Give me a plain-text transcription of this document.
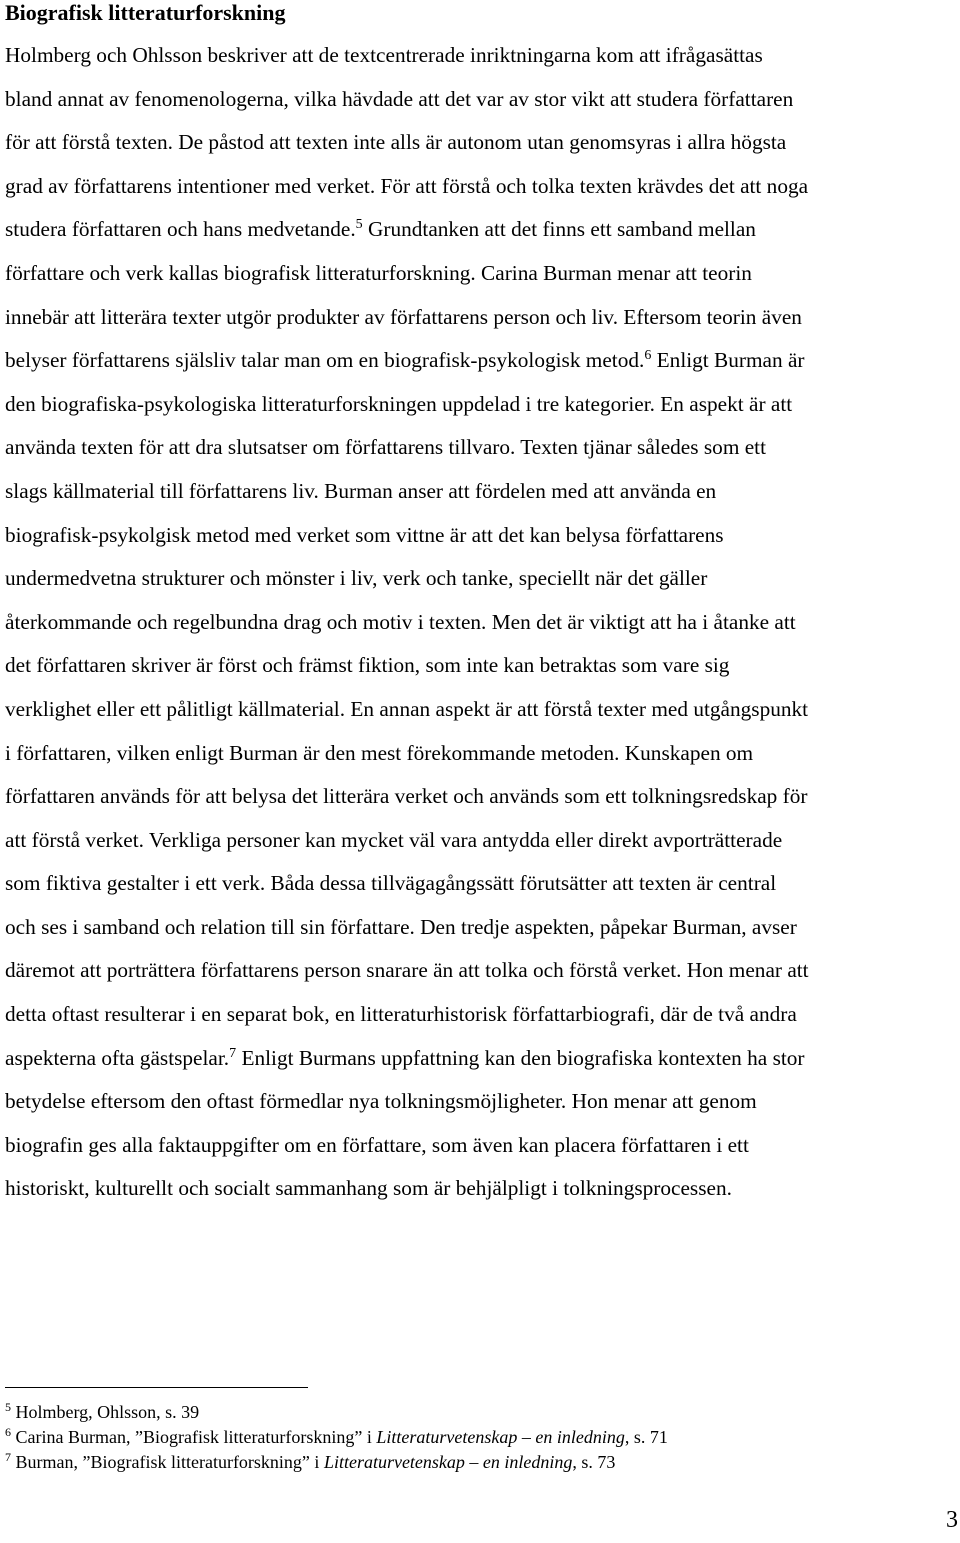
Biografisk litteraturforskning
Holmberg och Ohlsson beskriver att de textcentrerade inriktningarna kom att ifrågasättas
bland annat av fenomenologerna, vilka hävdade att det var av stor vikt att studera författaren
för att förstå texten. De påstod att texten inte alls är autonom utan genomsyras i allra högsta
grad av författarens intentioner med verket. För att förstå och tolka texten krävdes det att noga
studera författaren och hans medvetande.$^5$ Grundtanken att det finns ett samband mellan
författare och verk kallas biografisk litteraturforskning. Carina Burman menar att teorin
innebär att litterära texter utgör produkter av författarens person och liv. Eftersom teorin även
belyser författarens själsliv talar man om en biografisk-psykologisk metod.$^6$ Enligt Burman är
den biografiska-psykologiska litteraturforskningen uppdelad i tre kategorier. En aspekt är att
använda texten för att dra slutsatser om författarens tillvaro. Texten tjänar således som ett
slags källmaterial till författarens liv. Burman anser att fördelen med att använda en
biografisk-psykolgisk metod med verket som vittne är att det kan belysa författarens
undermedvetna strukturer och mönster i liv, verk och tanke, speciellt när det gäller
återkommande och regelbundna drag och motiv i texten. Men det är viktigt att ha i åtanke att
det författaren skriver är först och främst fiktion, som inte kan betraktas som vare sig
verklighet eller ett pålitligt källmaterial. En annan aspekt är att förstå texter med utgångspunkt
i författaren, vilken enligt Burman är den mest förekommande metoden. Kunskapen om
författaren används för att belysa det litterära verket och används som ett tolkningsredskap för
att förstå verket. Verkliga personer kan mycket väl vara antydda eller direkt avporträtterade
som fiktiva gestalter i ett verk. Båda dessa tillvägagångssätt förutsätter att texten är central
och ses i samband och relation till sin författare. Den tredje aspekten, påpekar Burman, avser
däremot att porträttera författarens person snarare än att tolka och förstå verket. Hon menar att
detta oftast resulterar i en separat bok, en litteraturhistorisk författarbiografi, där de två andra
aspekterna ofta gästspelar.$^7$ Enligt Burmans uppfattning kan den biografiska kontexten ha stor
betydelse eftersom den oftast förmedlar nya tolkningsmöjligheter. Hon menar att genom
biografin ges alla faktauppgifter om en författare, som även kan placera författaren i ett
historiskt, kulturellt och socialt sammanhang som är behjälpligt i tolkningsprocessen.
$^5$ Holmberg, Ohlsson, s. 39
$^6$ Carina Burman, ”Biografisk litteraturforskning” i Litteraturvetenskap – en inledning, s. 71
$^7$ Burman, ”Biografisk litteraturforskning” i Litteraturvetenskap – en inledning, s. 73
3
